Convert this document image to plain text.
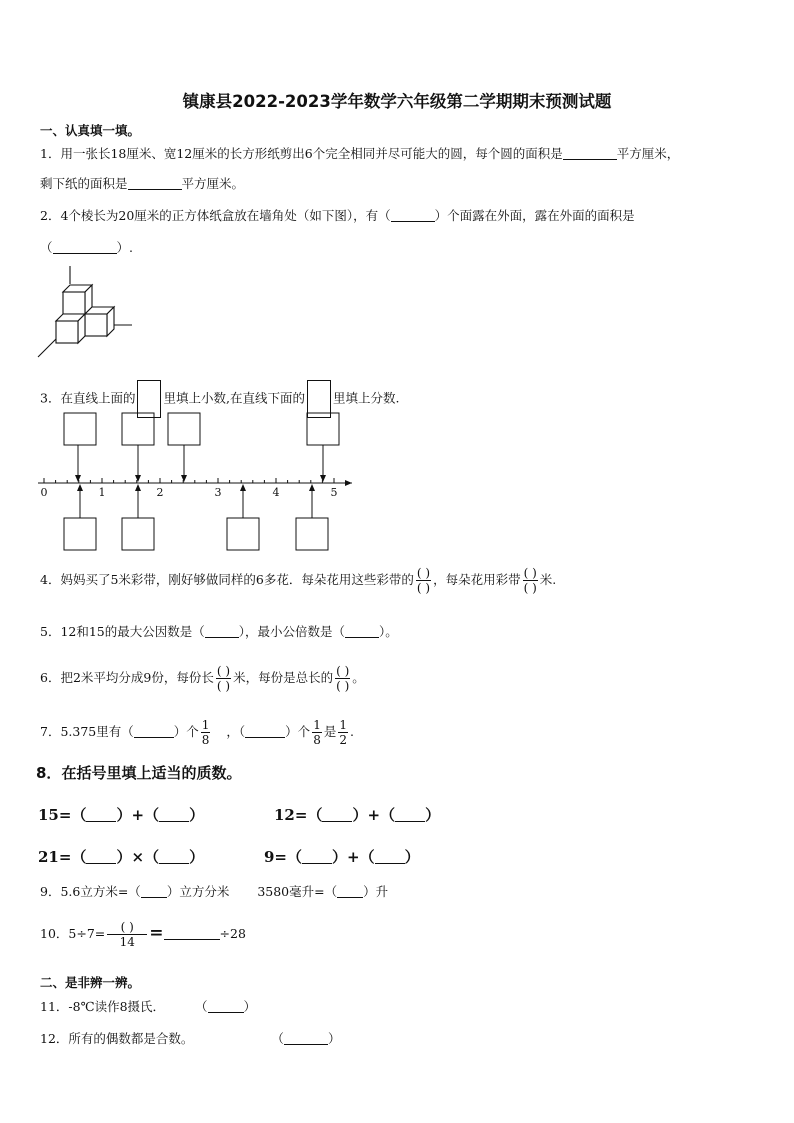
镇康县2022-2023学年数学六年级第二学期期末预测试题
一、认真填一填。
1．用一张长18厘米、宽12厘米的长方形纸剪出6个完全相同并尽可能大的圆，每个圆的面积是	平方厘米，
剩下纸的面积是	平方厘米。
2．4个棱长为20厘米的正方体纸盒放在墙角处（如下图），有（	）个面露在外面，露在外面的面积是
（	）.
3．在直线上面的 里填上小数,在直线下面的 里填上分数.
0	1	2	3	4	5
4．妈妈买了5米彩带，刚好够做同样的6多花．每朵花用这些彩带的 $\frac{( )}{( )}$ ，每朵花用彩带 $\frac{( )}{( )}$ 米.
5．12和15的最大公因数是（	），最小公倍数是（	）。
6．把2米平均分成9份，每份长 $\frac{( )}{( )}$ 米，每份是总长的 $\frac{( )}{( )}$ 。
7．5.375里有（	）个 $\frac{1}{8}$ ，（	）个 $\frac{1}{8}$ 是 $\frac{1}{2}$ .
8．在括号里填上适当的质数。
15=（ ）+（ ）	12=（ ）+（ ）
21=（ ）×（ ）	9=（ ）+（ ）
9．5.6立方米=（ ）立方分米 3580毫升=（ ）升
10．$5\div 7= \frac{( )}{14}$ =	÷28
二、是非辨一辨。
11．-8℃读作8摄氏． （	）
12．所有的偶数都是合数。	（	）
